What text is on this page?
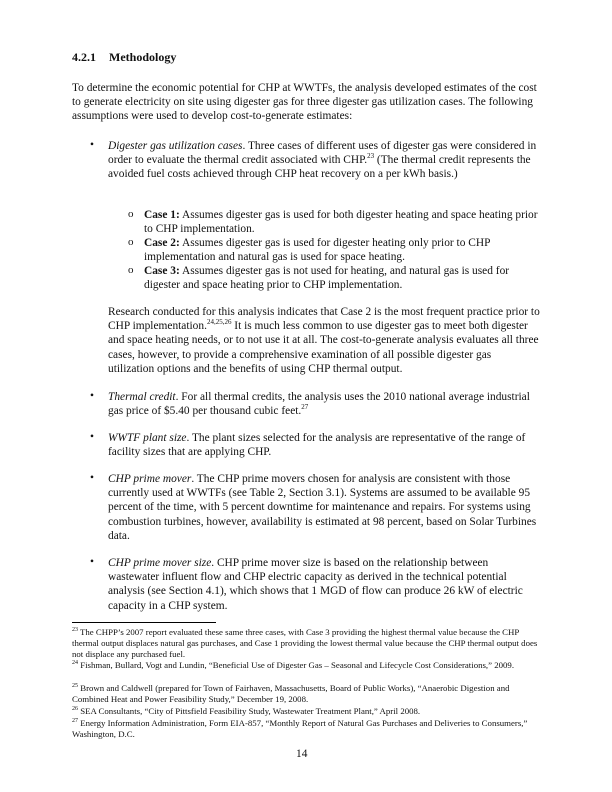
4.2.1 Methodology

To determine the economic potential for CHP at WWTFs, the analysis developed estimates of the cost to generate electricity on site using digester gas for three digester gas utilization cases. The following assumptions were used to develop cost-to-generate estimates:

• Digester gas utilization cases. Three cases of different uses of digester gas were considered in order to evaluate the thermal credit associated with CHP.$^{23}$ (The thermal credit represents the avoided fuel costs achieved through CHP heat recovery on a per kWh basis.)

o Case 1: Assumes digester gas is used for both digester heating and space heating prior to CHP implementation.

o Case 2: Assumes digester gas is used for digester heating only prior to CHP implementation and natural gas is used for space heating.

o Case 3: Assumes digester gas is not used for heating, and natural gas is used for digester and space heating prior to CHP implementation.

Research conducted for this analysis indicates that Case 2 is the most frequent practice prior to CHP implementation.$^{24,25,26}$ It is much less common to use digester gas to meet both digester and space heating needs, or to not use it at all. The cost-to-generate analysis evaluates all three cases, however, to provide a comprehensive examination of all possible digester gas utilization options and the benefits of using CHP thermal output.

• Thermal credit. For all thermal credits, the analysis uses the 2010 national average industrial gas price of $5.40 per thousand cubic feet.$^{27}$

• WWTF plant size. The plant sizes selected for the analysis are representative of the range of facility sizes that are applying CHP.

• CHP prime mover. The CHP prime movers chosen for analysis are consistent with those currently used at WWTFs (see Table 2, Section 3.1). Systems are assumed to be available 95 percent of the time, with 5 percent downtime for maintenance and repairs. For systems using combustion turbines, however, availability is estimated at 98 percent, based on Solar Turbines data.

• CHP prime mover size. CHP prime mover size is based on the relationship between wastewater influent flow and CHP electric capacity as derived in the technical potential analysis (see Section 4.1), which shows that 1 MGD of flow can produce 26 kW of electric capacity in a CHP system.

$^{23}$ The CHPP’s 2007 report evaluated these same three cases, with Case 3 providing the highest thermal value because the CHP thermal output displaces natural gas purchases, and Case 1 providing the lowest thermal value because the CHP thermal output does not displace any purchased fuel.

$^{24}$ Fishman, Bullard, Vogt and Lundin, “Beneficial Use of Digester Gas – Seasonal and Lifecycle Cost Considerations,” 2009.

$^{25}$ Brown and Caldwell (prepared for Town of Fairhaven, Massachusetts, Board of Public Works), “Anaerobic Digestion and Combined Heat and Power Feasibility Study,” December 19, 2008.

$^{26}$ SEA Consultants, “City of Pittsfield Feasibility Study, Wastewater Treatment Plant,” April 2008.

$^{27}$ Energy Information Administration, Form EIA-857, “Monthly Report of Natural Gas Purchases and Deliveries to Consumers,” Washington, D.C.

14
